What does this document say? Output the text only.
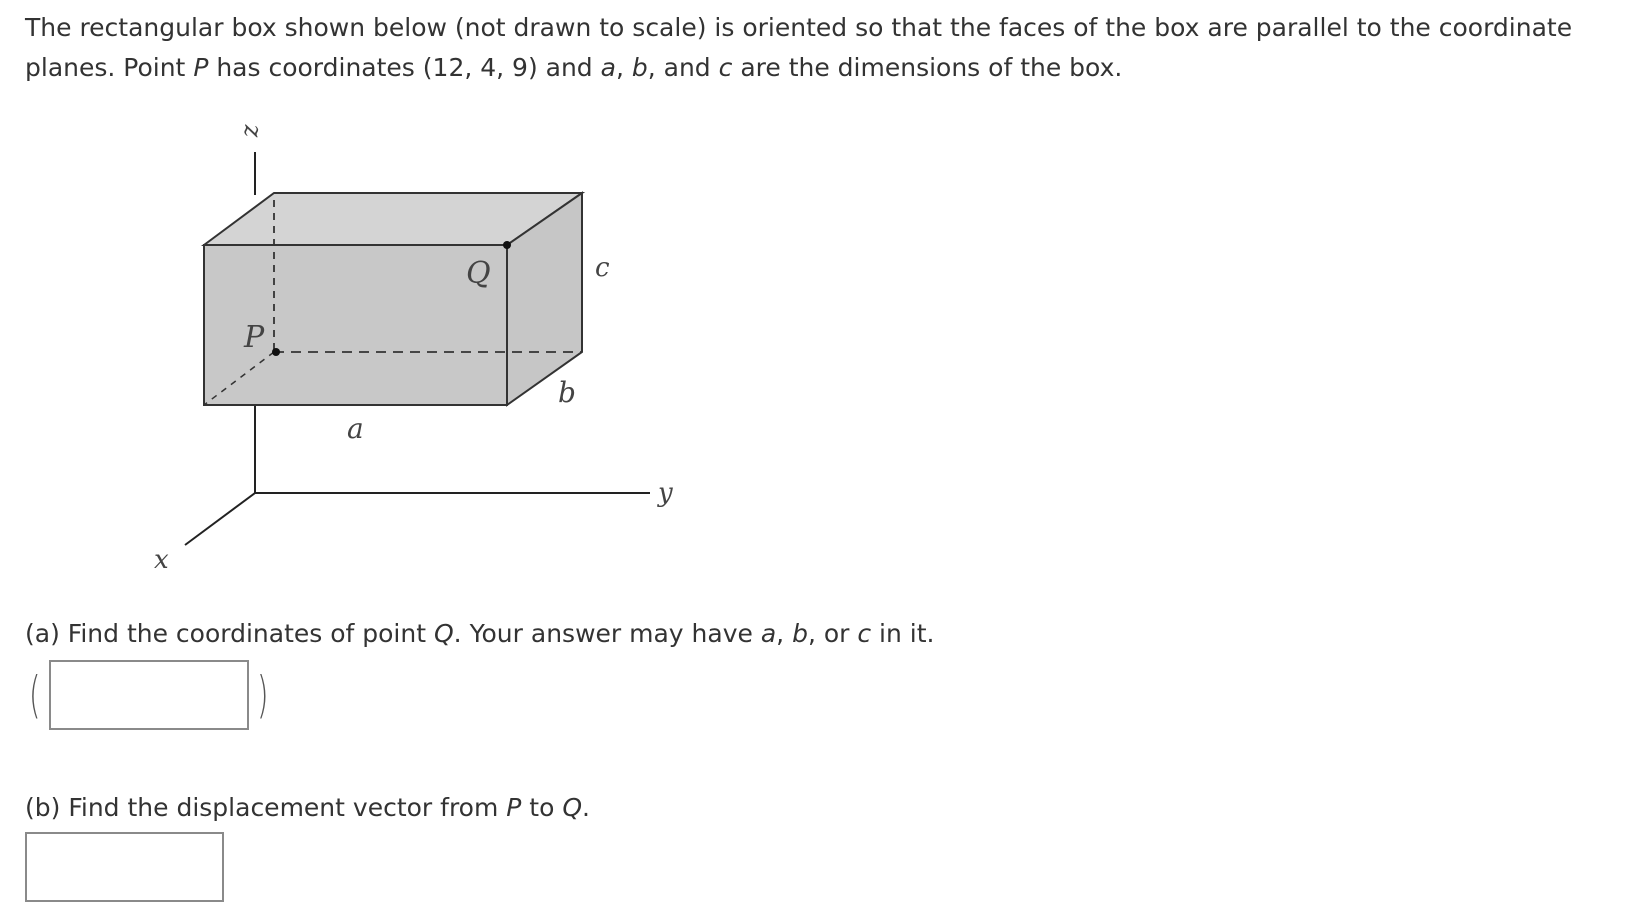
The rectangular box shown below (not drawn to scale) is oriented so that the faces of the box are parallel to the coordinate planes. Point P has coordinates (12, 4, 9) and a, b, and c are the dimensions of the box.

z
y
x
P
Q	c
b
a

(a) Find the coordinates of point Q. Your answer may have a, b, or c in it.

(	)

(b) Find the displacement vector from P to Q.
